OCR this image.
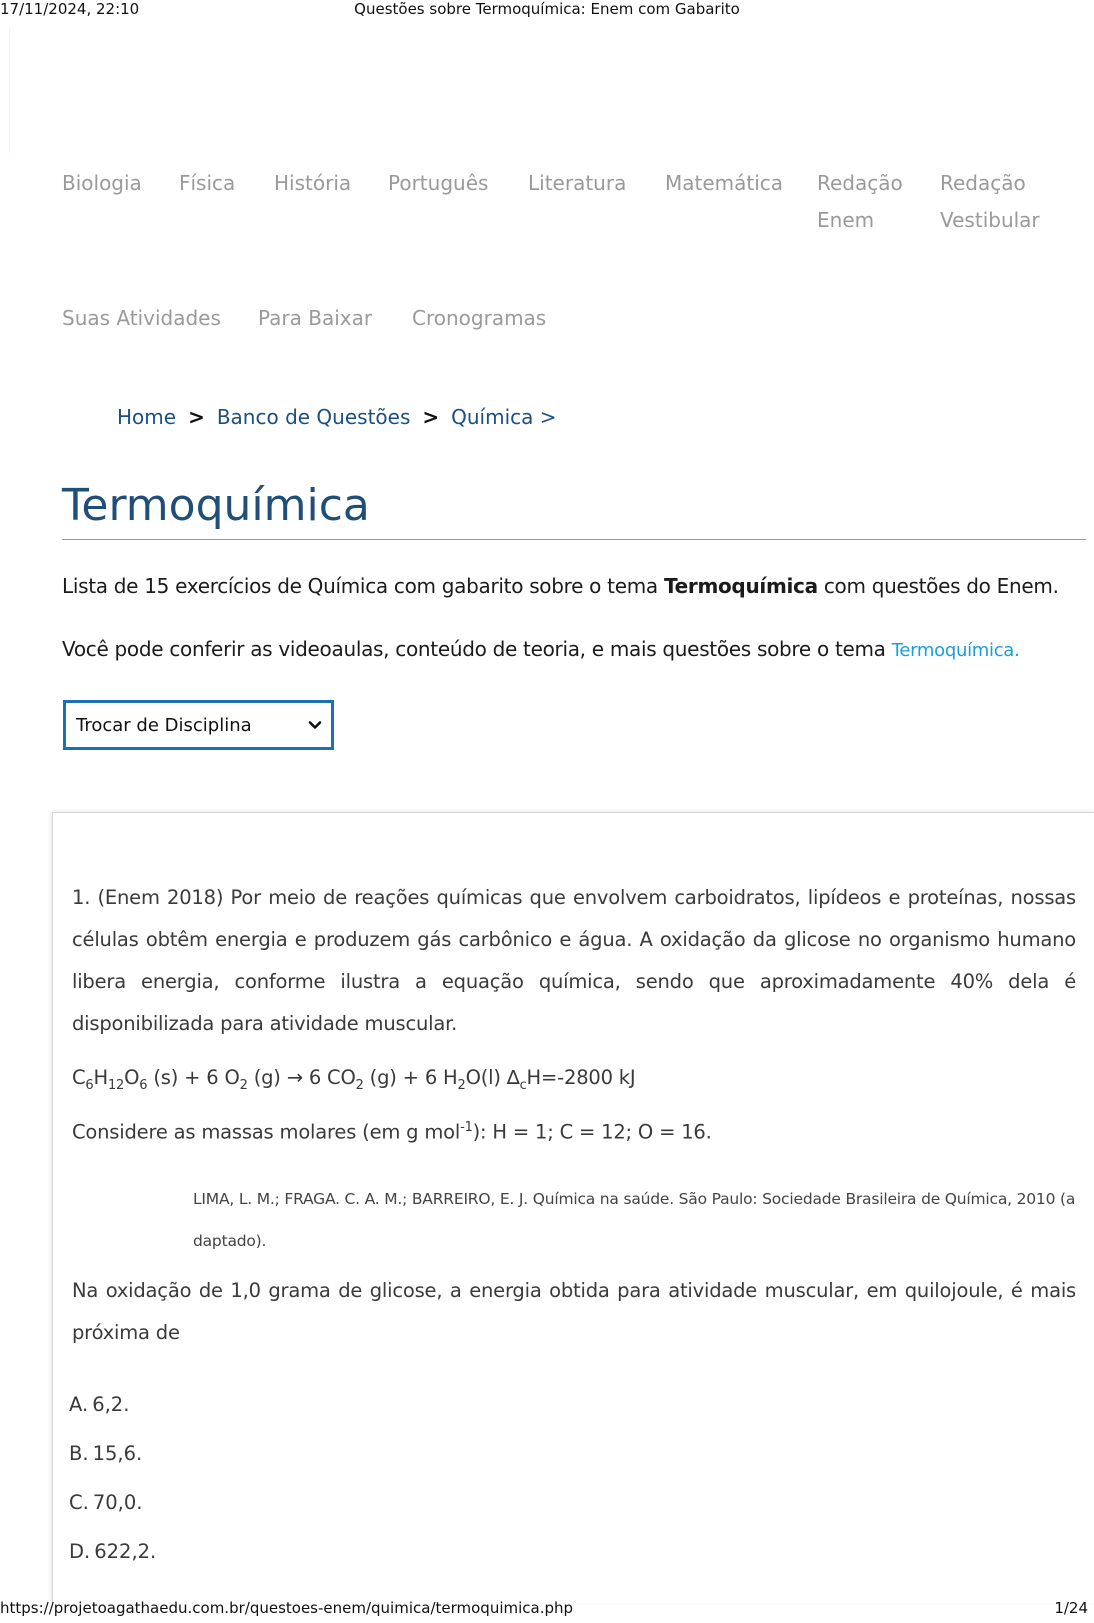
17/11/2024, 22:10	Questões sobre Termoquímica: Enem com Gabarito
Biologia Física História Português Literatura Matemática Redação
Enem
Redação
Vestibular
Suas Atividades Para Baixar Cronogramas
Home > Banco de Questões > Química >
Termoquímica
Lista de 15 exercícios de Química com gabarito sobre o tema Termoquímica com questões do Enem.
Você pode conferir as videoaulas, conteúdo de teoria, e mais questões sobre o tema Termoquímica.
Trocar de Disciplina
1. (Enem 2018) Por meio de reações químicas que envolvem carboidratos, lipídeos e proteínas, nossas células obtêm energia e produzem gás carbônico e água. A oxidação da glicose no organismo humano libera energia, conforme ilustra a equação química, sendo que aproximadamente 40% dela é disponibilizada para atividade muscular.
$C_6H_{12}O_6$ (s) + 6 $O_2$ (g) → 6 $CO_2$ (g) + 6 $H_2O(l)$ $\Delta_cH=-2800$ kJ
Considere as massas molares (em g mol$^{-1}$): H = 1; C = 12; O = 16.
LIMA, L. M.; FRAGA. C. A. M.; BARREIRO, E. J. Química na saúde. São Paulo: Sociedade Brasileira de Química, 2010 (adaptado).
Na oxidação de 1,0 grama de glicose, a energia obtida para atividade muscular, em quilojoule, é mais próxima de
A. 6,2.
B. 15,6.
C. 70,0.
D. 622,2.
https://projetoagathaedu.com.br/questoes-enem/quimica/termoquimica.php	1/24
